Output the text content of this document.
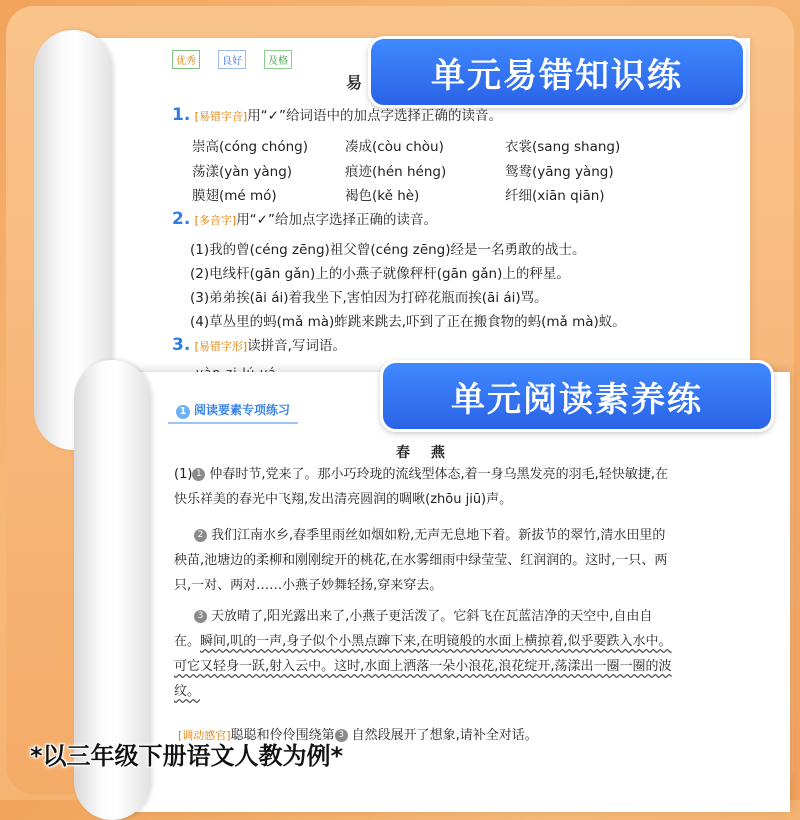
优秀	良好	及格
易
1. [易错字音]用“✓”给词语中的加点字选择正确的读音。
崇高(cóng chóng)	凑成(còu chòu)	衣裳(sang shang)
荡漾(yàn yàng)	痕迹(hén héng)	鸳鸯(yāng yàng)
膜翅(mé mó)	褐色(kě hè)	纤细(xiān qiān)
2. [多音字]用“✓”给加点字选择正确的读音。
(1)我的曾(céng zēng)祖父曾(céng zēng)经是一名勇敢的战士。
(2)电线杆(gān gǎn)上的小燕子就像秤杆(gān gǎn)上的秤星。
(3)弟弟挨(āi ái)着我坐下,害怕因为打碎花瓶而挨(āi ái)骂。
(4)草丛里的蚂(mǎ mà)蚱跳来跳去,吓到了正在搬食物的蚂(mǎ mà)蚁。
3. [易错字形]读拼音,写词语。
1 阅读要素专项练习
春 燕
(1) 1 仲春时节,党来了。那小巧玲珑的流线型体态,着一身乌黑发亮的羽毛,轻快敏捷,在快乐祥美的春光中飞翔,发出清亮圆润的啁啾(zhōu jiū)声。
2 我们江南水乡,春季里雨丝如烟如粉,无声无息地下着。新拔节的翠竹,清水田里的秧苗,池塘边的柔柳和刚刚绽开的桃花,在水雾细雨中绿莹莹、红润润的。这时,一只、两只,一对、两对……小燕子妙舞轻扬,穿来穿去。
3 天放晴了,阳光露出来了,小燕子更活泼了。它斜飞在瓦蓝洁净的天空中,自由自在。瞬间,叽的一声,身子似个小黑点蹿下来,在明镜般的水面上横掠着,似乎要跌入水中。可它又轻身一跃,射入云中。这时,水面上洒落一朵小浪花,浪花绽开,荡漾出一圈一圈的波纹。
[调动感官]聪聪和伶伶围绕第 3 自然段展开了想象,请补全对话。
单元易错知识练
单元阅读素养练
*以三年级下册语文人教为例*
